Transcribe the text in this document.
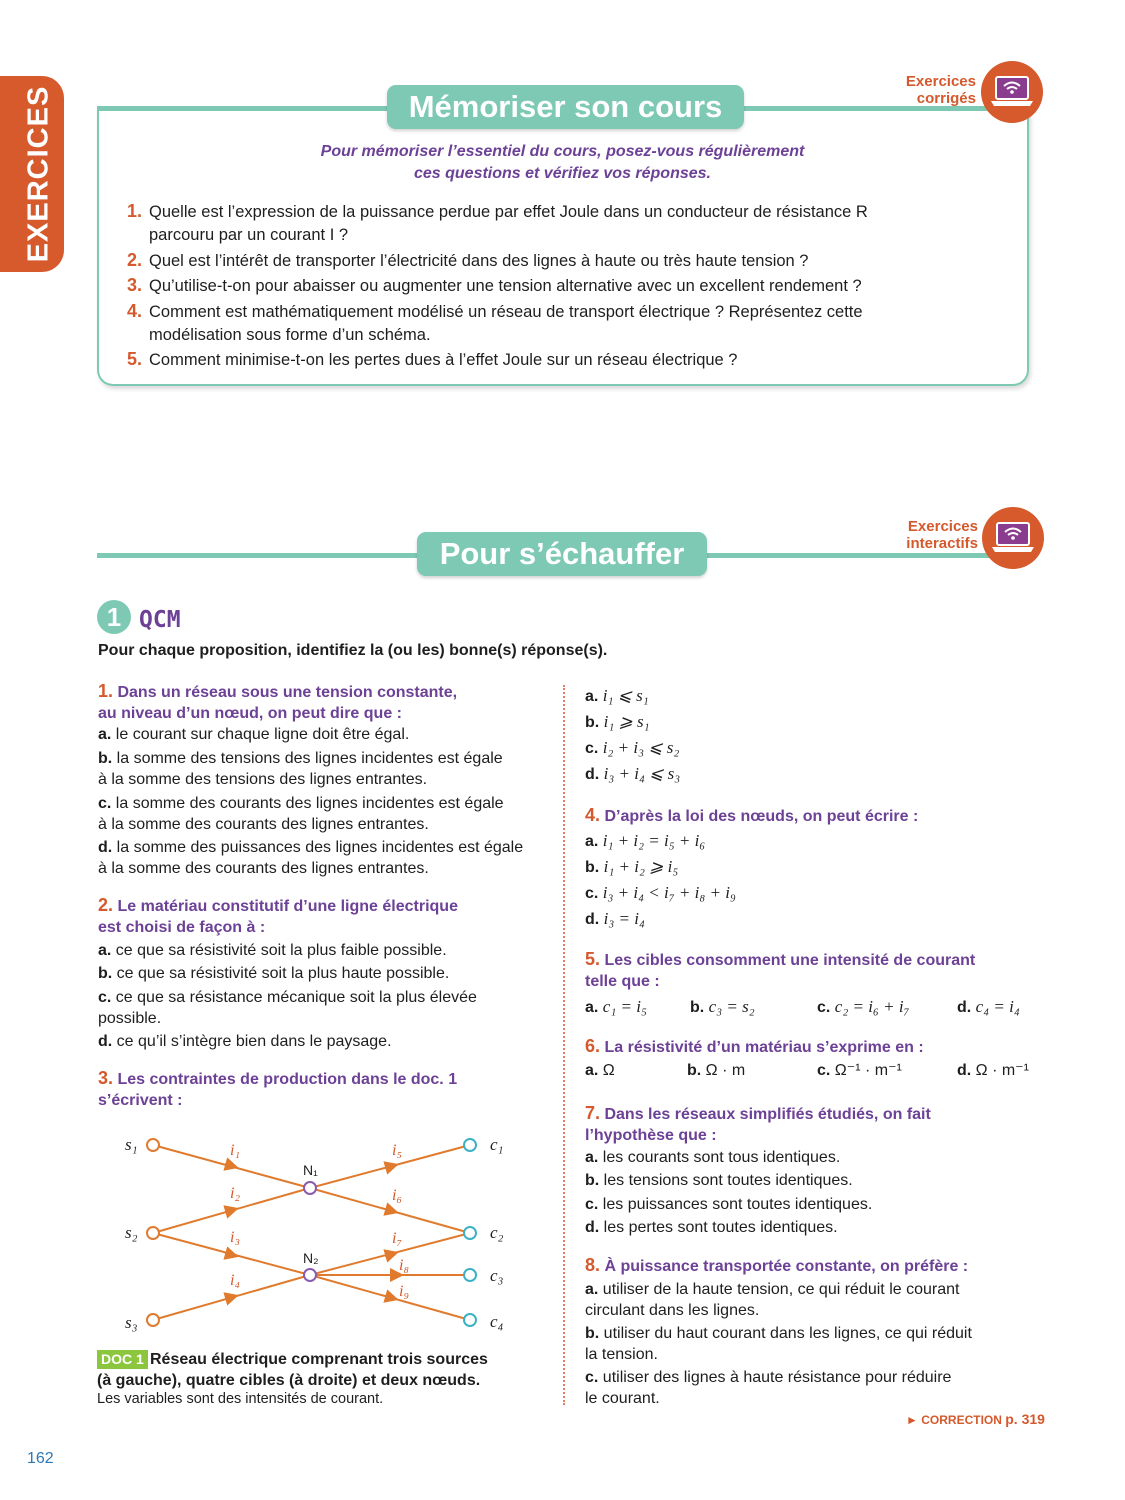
EXERCICES	Mémoriser son cours
Exercices
corrigés
Pour mémoriser l’essentiel du cours, posez-vous régulièrement
ces questions et vérifiez vos réponses.
1. Quelle est l’expression de la puissance perdue par effet Joule dans un conducteur de résistance R
parcouru par un courant I ?
2. Quel est l’intérêt de transporter l’électricité dans des lignes à haute ou très haute tension ?
3. Qu’utilise-t-on pour abaisser ou augmenter une tension alternative avec un excellent rendement ?
4. Comment est mathématiquement modélisé un réseau de transport électrique ? Représentez cette
modélisation sous forme d’un schéma.
5. Comment minimise-t-on les pertes dues à l’effet Joule sur un réseau électrique ?
Pour s’échauffer
Exercices
interactifs
1 QCM
Pour chaque proposition, identifiez la (ou les) bonne(s) réponse(s).
1. Dans un réseau sous une tension constante,
au niveau d’un nœud, on peut dire que :
a. le courant sur chaque ligne doit être égal.
b. la somme des tensions des lignes incidentes est égale
à la somme des tensions des lignes entrantes.
c. la somme des courants des lignes incidentes est égale
à la somme des courants des lignes entrantes.
d. la somme des puissances des lignes incidentes est égale
à la somme des courants des lignes entrantes.
2. Le matériau constitutif d’une ligne électrique
est choisi de façon à :
a. ce que sa résistivité soit la plus faible possible.
b. ce que sa résistivité soit la plus haute possible.
c. ce que sa résistance mécanique soit la plus élevée
possible.
d. ce qu’il s’intègre bien dans le paysage.
3. Les contraintes de production dans le doc. 1
s’écrivent :
s₁
s₂
s₃
c₁
c₂
c₃
c₄
N₁
N₂
i₁
i₂
i₃
i₄
i₅
i₆
i₇
i₈
i₉
DOC 1 Réseau électrique comprenant trois sources
(à gauche), quatre cibles (à droite) et deux nœuds.
Les variables sont des intensités de courant.
a. i₁ ⩽ s₁
b. i₁ ⩾ s₁
c. i₂ + i₃ ⩽ s₂
d. i₃ + i₄ ⩽ s₃
4. D’après la loi des nœuds, on peut écrire :
a. i₁ + i₂ = i₅ + i₆
b. i₁ + i₂ ⩾ i₅
c. i₃ + i₄ < i₇ + i₈ + i₉
d. i₃ = i₄
5. Les cibles consomment une intensité de courant
telle que :
a. c₁ = i₅	b. c₃ = s₂	c. c₂ = i₆ + i₇	d. c₄ = i₄
6. La résistivité d’un matériau s’exprime en :
a. Ω	b. Ω · m	c. Ω⁻¹ · m⁻¹	d. Ω · m⁻¹
7. Dans les réseaux simplifiés étudiés, on fait
l’hypothèse que :
a. les courants sont tous identiques.
b. les tensions sont toutes identiques.
c. les puissances sont toutes identiques.
d. les pertes sont toutes identiques.
8. À puissance transportée constante, on préfère :
a. utiliser de la haute tension, ce qui réduit le courant
circulant dans les lignes.
b. utiliser du haut courant dans les lignes, ce qui réduit
la tension.
c. utiliser des lignes à haute résistance pour réduire
le courant.
► CORRECTION p. 319
162
